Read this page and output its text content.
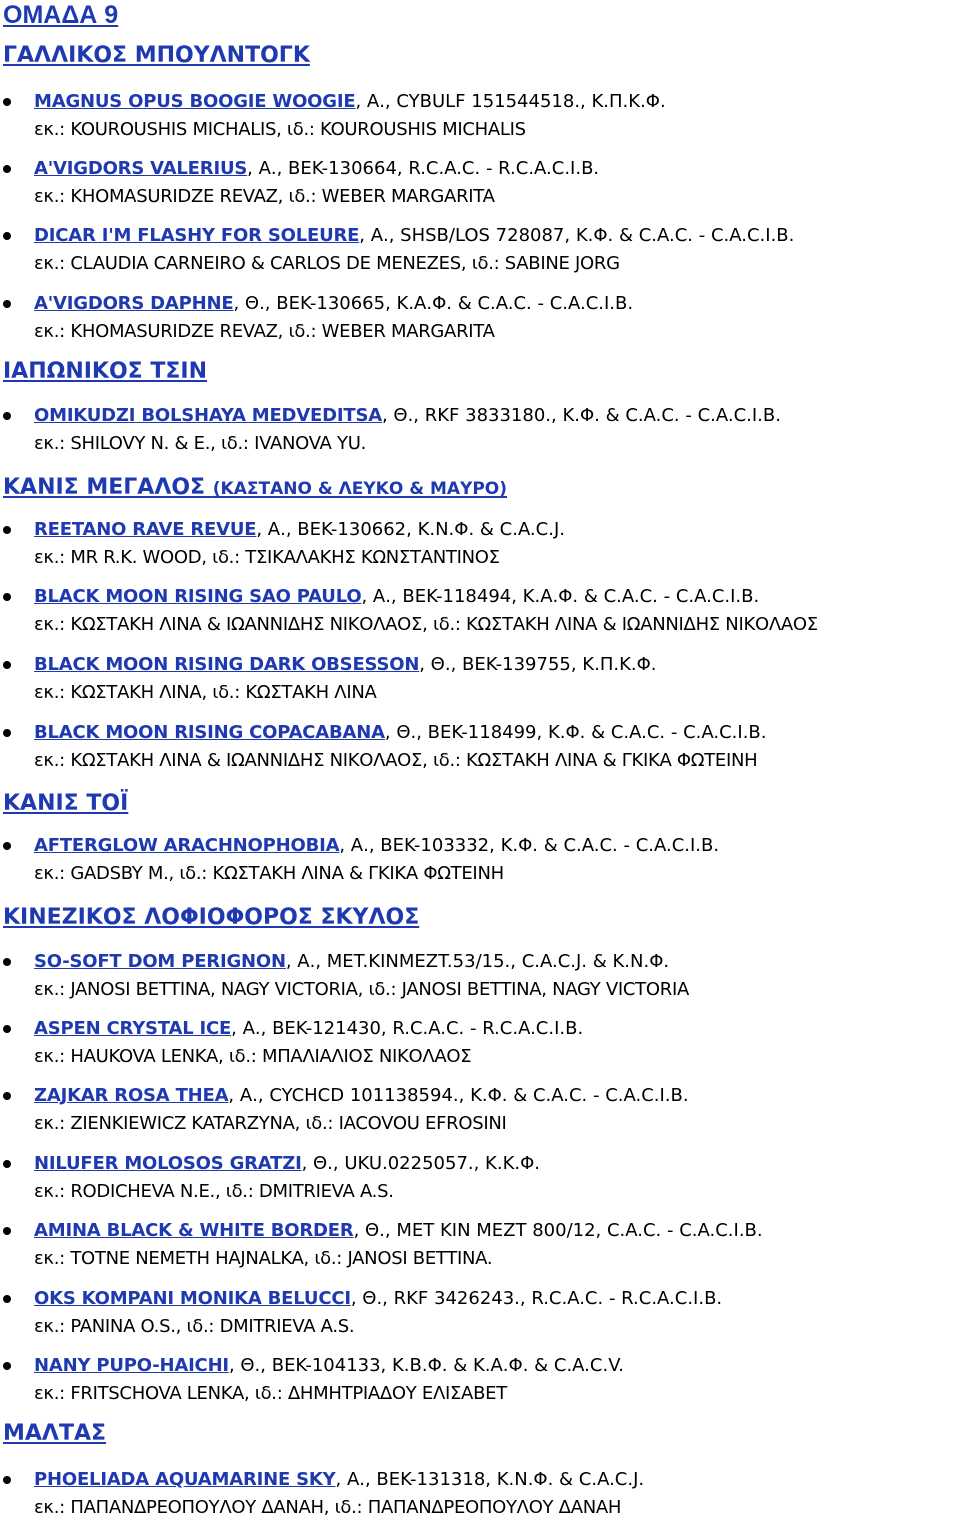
ΟΜΑΔΑ 9
ΓΑΛΛΙΚΟΣ ΜΠΟΥΛΝΤΟΓΚ
MAGNUS OPUS BOOGIE WOOGIE, Α., CYBULF 151544518., Κ.Π.Κ.Φ.
εκ.: KOUROUSHIS MICHALIS, ιδ.: KOUROUSHIS MICHALIS
A'VIGDORS VALERIUS, Α., BEK-130664, R.C.A.C. - R.C.A.C.I.B.
εκ.: KHOMASURIDZE REVAZ, ιδ.: WEBER MARGARITA
DICAR I'M FLASHY FOR SOLEURE, Α., SHSB/LOS 728087, Κ.Φ. & C.A.C. - C.A.C.I.B.
εκ.: CLAUDIA CARNEIRO & CARLOS DE MENEZES, ιδ.: SABINE JORG
A'VIGDORS DAPHNE, Θ., BEK-130665, Κ.Α.Φ. & C.A.C. - C.A.C.I.B.
εκ.: KHOMASURIDZE REVAZ, ιδ.: WEBER MARGARITA
ΙΑΠΩΝΙΚΟΣ ΤΣΙΝ
OMIKUDZI BOLSHAYA MEDVEDITSA, Θ., RKF 3833180., Κ.Φ. & C.A.C. - C.A.C.I.B.
εκ.: SHILOVY N. & E., ιδ.: IVANOVA YU.
ΚΑΝΙΣ ΜΕΓΑΛΟΣ (ΚΑΣΤΑΝΟ & ΛΕΥΚΟ & ΜΑΥΡΟ)
REETANO RAVE REVUE, Α., BEK-130662, Κ.Ν.Φ. & C.A.C.J.
εκ.: MR R.K. WOOD, ιδ.: ΤΣΙΚΑΛΑΚΗΣ ΚΩΝΣΤΑΝΤΙΝΟΣ
BLACK MOON RISING SAO PAULO, Α., BEK-118494, Κ.Α.Φ. & C.A.C. - C.A.C.I.B.
εκ.: ΚΩΣΤΑΚΗ ΛΙΝΑ & ΙΩΑΝΝΙΔΗΣ ΝΙΚΟΛΑΟΣ, ιδ.: ΚΩΣΤΑΚΗ ΛΙΝΑ & ΙΩΑΝΝΙΔΗΣ ΝΙΚΟΛΑΟΣ
BLACK MOON RISING DARK OBSESSON, Θ., BEK-139755, Κ.Π.Κ.Φ.
εκ.: ΚΩΣΤΑΚΗ ΛΙΝΑ, ιδ.: ΚΩΣΤΑΚΗ ΛΙΝΑ
BLACK MOON RISING COPACABANA, Θ., BEK-118499, Κ.Φ. & C.A.C. - C.A.C.I.B.
εκ.: ΚΩΣΤΑΚΗ ΛΙΝΑ & ΙΩΑΝΝΙΔΗΣ ΝΙΚΟΛΑΟΣ, ιδ.: ΚΩΣΤΑΚΗ ΛΙΝΑ & ΓΚΙΚΑ ΦΩΤΕΙΝΗ
ΚΑΝΙΣ ΤΟΪ
AFTERGLOW ARACHNOPHOBIA, Α., BEK-103332, Κ.Φ. & C.A.C. - C.A.C.I.B.
εκ.: GADSBY M., ιδ.: ΚΩΣΤΑΚΗ ΛΙΝΑ & ΓΚΙΚΑ ΦΩΤΕΙΝΗ
ΚΙΝΕΖΙΚΟΣ ΛΟΦΙΟΦΟΡΟΣ ΣΚΥΛΟΣ
SO-SOFT DOM PERIGNON, Α., MET.KINMEZT.53/15., C.A.C.J. & Κ.Ν.Φ.
εκ.: JANOSI BETTINA, NAGY VICTORIA, ιδ.: JANOSI BETTINA, NAGY VICTORIA
ASPEN CRYSTAL ICE, Α., BEK-121430, R.C.A.C. - R.C.A.C.I.B.
εκ.: HAUKOVA LENKA, ιδ.: ΜΠΑΛΙΑΛΙΟΣ ΝΙΚΟΛΑΟΣ
ZAJKAR ROSA THEA, Α., CYCHCD 101138594., Κ.Φ. & C.A.C. - C.A.C.I.B.
εκ.: ZIENKIEWICZ KATARZYNA, ιδ.: IACOVOU EFROSINI
NILUFER MOLOSOS GRATZI, Θ., UKU.0225057., Κ.Κ.Φ.
εκ.: RODICHEVA N.E., ιδ.: DMITRIEVA A.S.
AMINA BLACK & WHITE BORDER, Θ., MET KIN MEZT 800/12, C.A.C. - C.A.C.I.B.
εκ.: TOTNE NEMETH HAJNALKA, ιδ.: JANOSI BETTINA.
OKS KOMPANI MONIKA BELUCCI, Θ., RKF 3426243., R.C.A.C. - R.C.A.C.I.B.
εκ.: PANINA O.S., ιδ.: DMITRIEVA A.S.
NANY PUPO-HAICHI, Θ., BEK-104133, Κ.Β.Φ. & Κ.Α.Φ. & C.A.C.V.
εκ.: FRITSCHOVA LENKA, ιδ.: ΔΗΜΗΤΡΙΑΔΟΥ ΕΛΙΣΑΒΕΤ
ΜΑΛΤΑΣ
PHOELIADA AQUAMARINE SKY, Α., BEK-131318, Κ.Ν.Φ. & C.A.C.J.
εκ.: ΠΑΠΑΝΔΡΕΟΠΟΥΛΟΥ ΔΑΝΑΗ, ιδ.: ΠΑΠΑΝΔΡΕΟΠΟΥΛΟΥ ΔΑΝΑΗ
